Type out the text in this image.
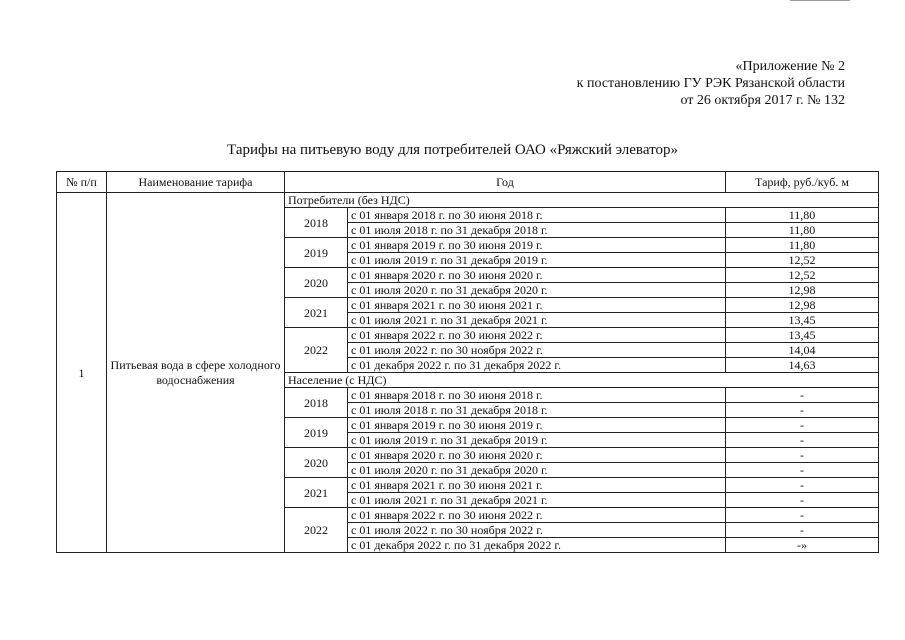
«Приложение № 2
к постановлению ГУ РЭК Рязанской области
от 26 октября 2017 г. № 132
Тарифы на питьевую воду для потребителей ОАО «Ряжский элеватор»
№ п/п	Наименование тарифа	Год		Тариф, руб./куб. м
1	Питьевая вода в сфере холодного водоснабжения	Потребители (без НДС)		
		2018	с 01 января 2018 г. по 30 июня 2018 г.	11,80
			с 01 июля 2018 г. по 31 декабря 2018 г.	11,80
		2019	с 01 января 2019 г. по 30 июня 2019 г.	11,80
			с 01 июля 2019 г. по 31 декабря 2019 г.	12,52
		2020	с 01 января 2020 г. по 30 июня 2020 г.	12,52
			с 01 июля 2020 г. по 31 декабря 2020 г.	12,98
		2021	с 01 января 2021 г. по 30 июня 2021 г.	12,98
			с 01 июля 2021 г. по 31 декабря 2021 г.	13,45
		2022	с 01 января 2022 г. по 30 июня 2022 г.	13,45
			с 01 июля 2022 г. по 30 ноября 2022 г.	14,04
			с 01 декабря 2022 г. по 31 декабря 2022 г.	14,63
		Население (с НДС)		
		2018	с 01 января 2018 г. по 30 июня 2018 г.	-
			с 01 июля 2018 г. по 31 декабря 2018 г.	-
		2019	с 01 января 2019 г. по 30 июня 2019 г.	-
			с 01 июля 2019 г. по 31 декабря 2019 г.	-
		2020	с 01 января 2020 г. по 30 июня 2020 г.	-
			с 01 июля 2020 г. по 31 декабря 2020 г.	-
		2021	с 01 января 2021 г. по 30 июня 2021 г.	-
			с 01 июля 2021 г. по 31 декабря 2021 г.	-
		2022	с 01 января 2022 г. по 30 июня 2022 г.	-
			с 01 июля 2022 г. по 30 ноября 2022 г.	-
			с 01 декабря 2022 г. по 31 декабря 2022 г.	-»
